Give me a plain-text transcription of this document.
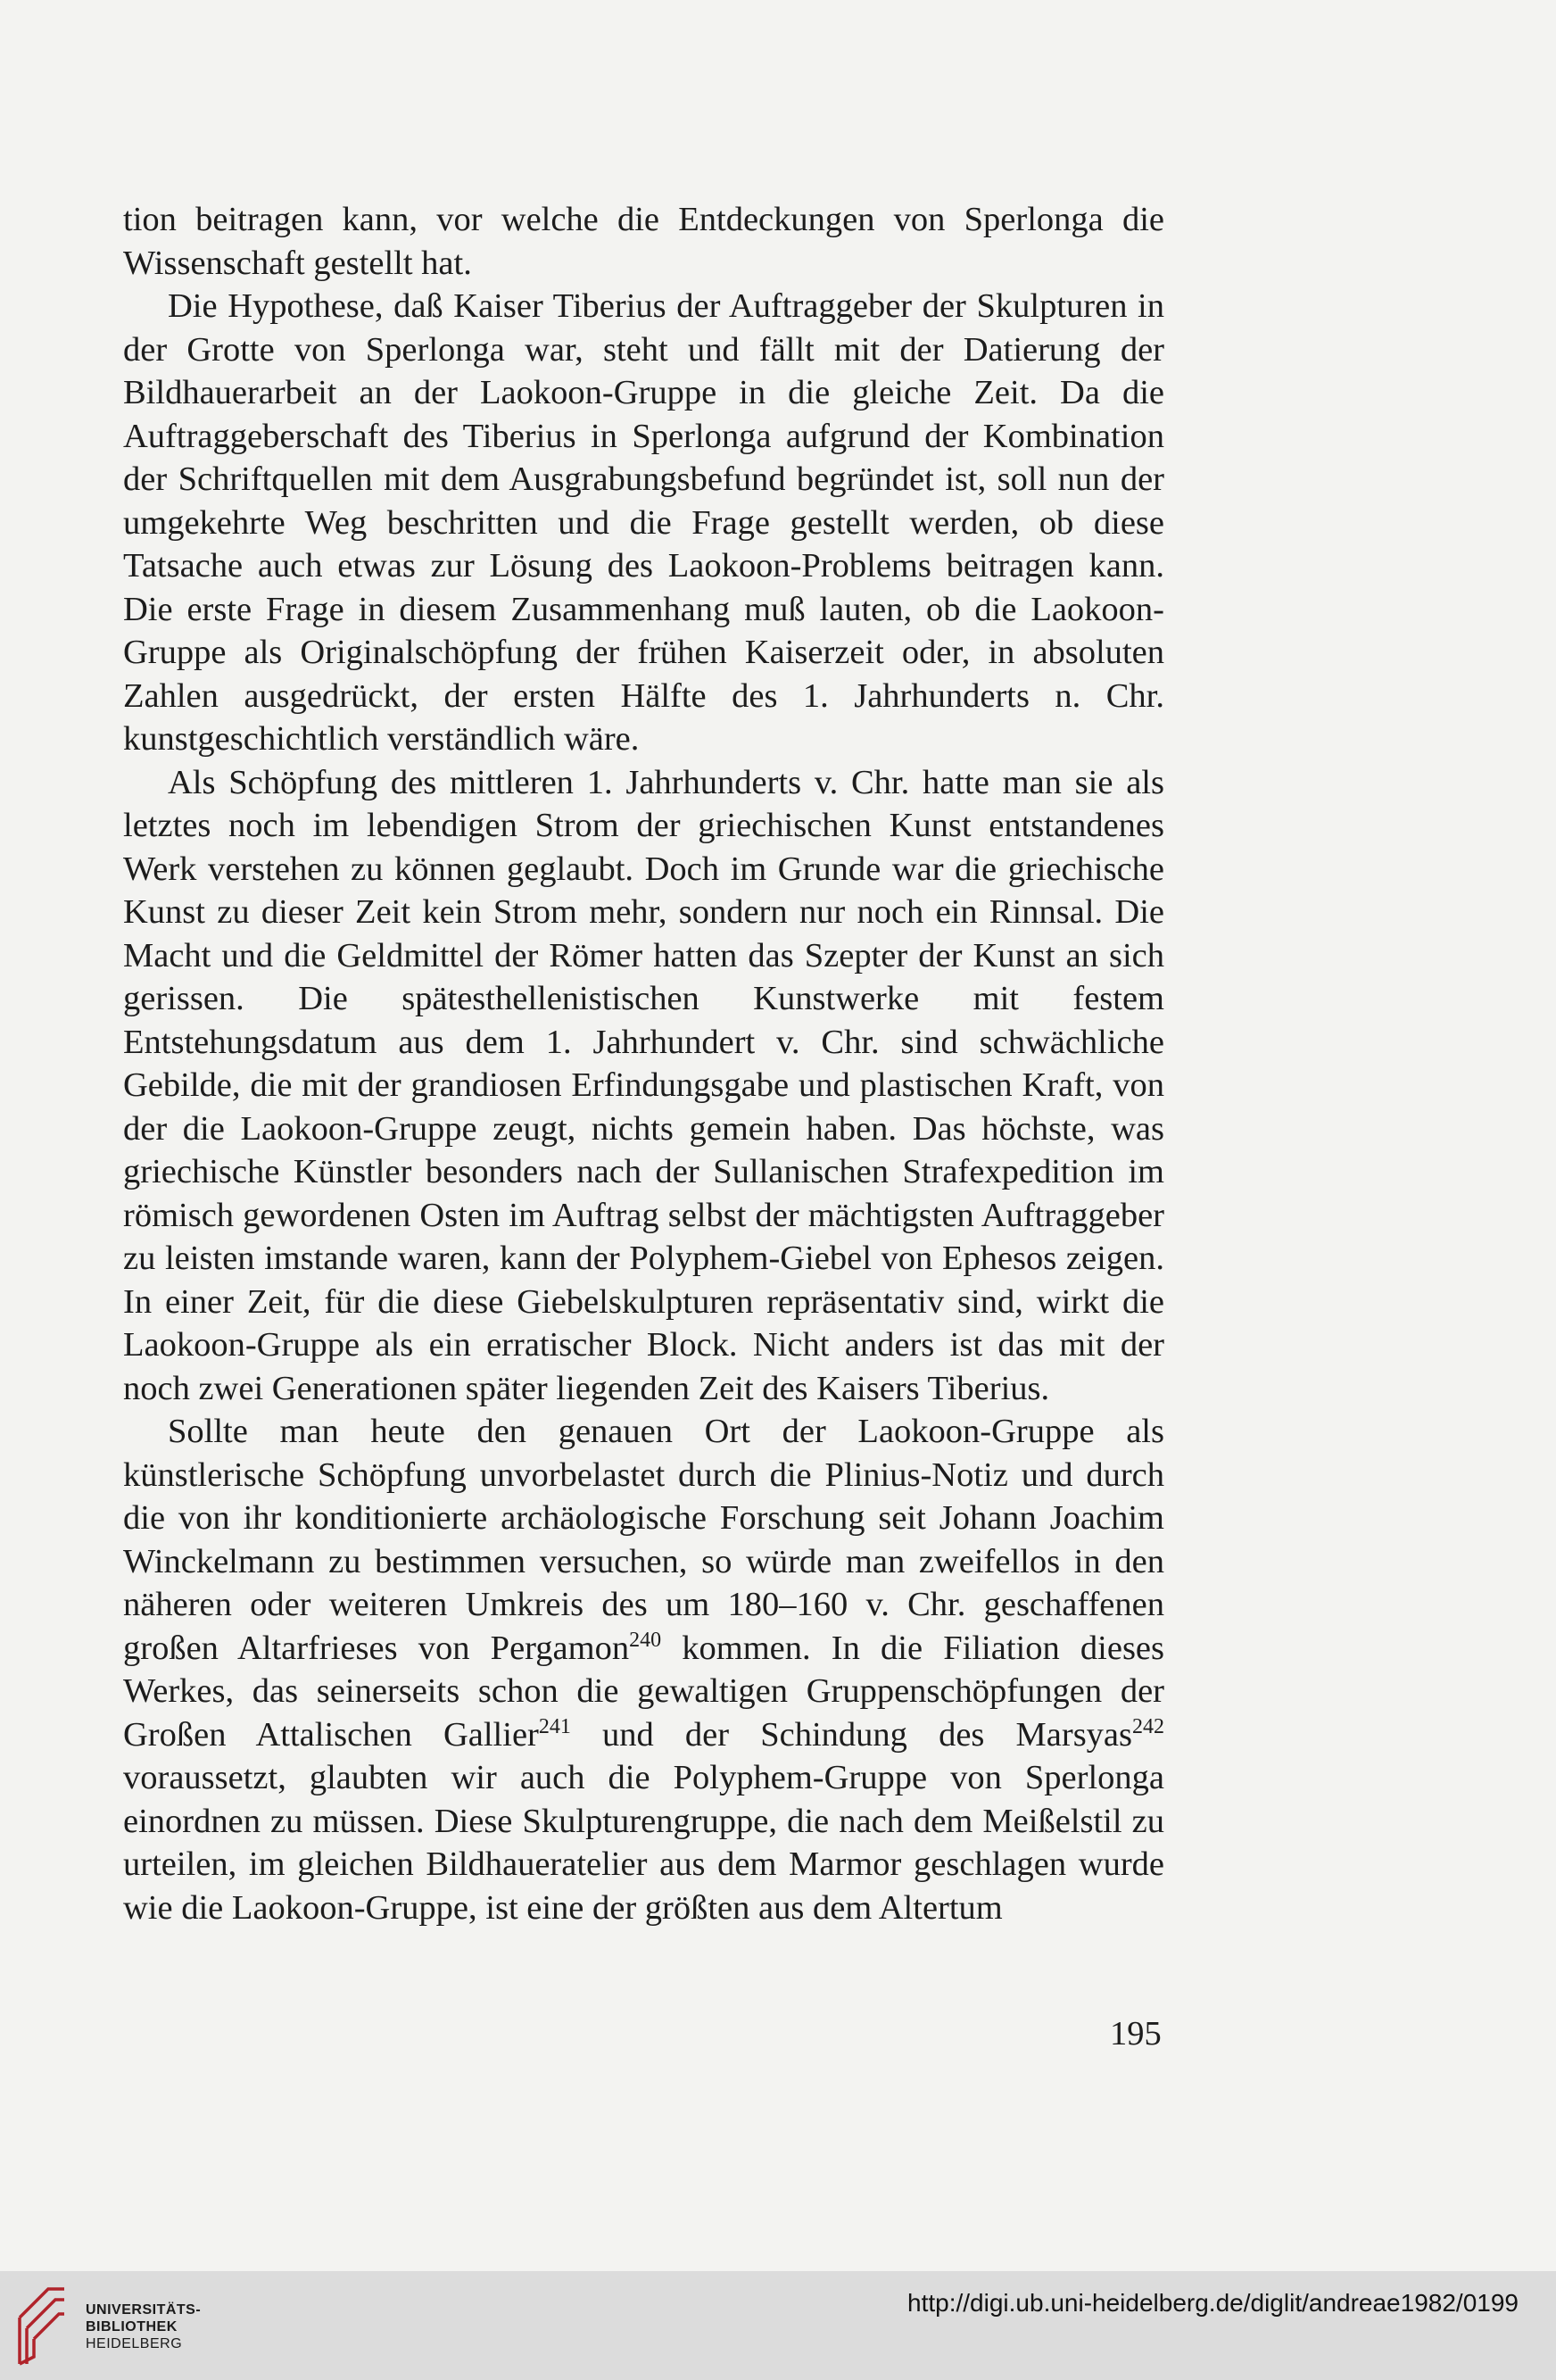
tion beitragen kann, vor welche die Entdeckungen von Sperlonga die Wissenschaft gestellt hat.

Die Hypothese, daß Kaiser Tiberius der Auftraggeber der Skulpturen in der Grotte von Sperlonga war, steht und fällt mit der Datierung der Bildhauerarbeit an der Laokoon-Gruppe in die gleiche Zeit. Da die Auftraggeberschaft des Tiberius in Sperlonga aufgrund der Kombination der Schriftquellen mit dem Ausgrabungsbefund begründet ist, soll nun der umgekehrte Weg beschritten und die Frage gestellt werden, ob diese Tatsache auch etwas zur Lösung des Laokoon-Problems beitragen kann. Die erste Frage in diesem Zusammenhang muß lauten, ob die Laokoon-Gruppe als Originalschöpfung der frühen Kaiserzeit oder, in absoluten Zahlen ausgedrückt, der ersten Hälfte des 1. Jahrhunderts n. Chr. kunstgeschichtlich verständlich wäre.

Als Schöpfung des mittleren 1. Jahrhunderts v. Chr. hatte man sie als letztes noch im lebendigen Strom der griechischen Kunst entstandenes Werk verstehen zu können geglaubt. Doch im Grunde war die griechische Kunst zu dieser Zeit kein Strom mehr, sondern nur noch ein Rinnsal. Die Macht und die Geldmittel der Römer hatten das Szepter der Kunst an sich gerissen. Die spätesthellenistischen Kunstwerke mit festem Entstehungsdatum aus dem 1. Jahrhundert v. Chr. sind schwächliche Gebilde, die mit der grandiosen Erfindungsgabe und plastischen Kraft, von der die Laokoon-Gruppe zeugt, nichts gemein haben. Das höchste, was griechische Künstler besonders nach der Sullanischen Strafexpedition im römisch gewordenen Osten im Auftrag selbst der mächtigsten Auftraggeber zu leisten imstande waren, kann der Polyphem-Giebel von Ephesos zeigen. In einer Zeit, für die diese Giebelskulpturen repräsentativ sind, wirkt die Laokoon-Gruppe als ein erratischer Block. Nicht anders ist das mit der noch zwei Generationen später liegenden Zeit des Kaisers Tiberius.

Sollte man heute den genauen Ort der Laokoon-Gruppe als künstlerische Schöpfung unvorbelastet durch die Plinius-Notiz und durch die von ihr konditionierte archäologische Forschung seit Johann Joachim Winckelmann zu bestimmen versuchen, so würde man zweifellos in den näheren oder weiteren Umkreis des um 180–160 v. Chr. geschaffenen großen Altarfrieses von Pergamon$^{240}$ kommen. In die Filiation dieses Werkes, das seinerseits schon die gewaltigen Gruppenschöpfungen der Großen Attalischen Gallier$^{241}$ und der Schindung des Marsyas$^{242}$ voraussetzt, glaubten wir auch die Polyphem-Gruppe von Sperlonga einordnen zu müssen. Diese Skulpturengruppe, die nach dem Meißelstil zu urteilen, im gleichen Bildhaueratelier aus dem Marmor geschlagen wurde wie die Laokoon-Gruppe, ist eine der größten aus dem Altertum

195
UNIVERSITÄTS-
BIBLIOTHEK
HEIDELBERG
http://digi.ub.uni-heidelberg.de/diglit/andreae1982/0199
